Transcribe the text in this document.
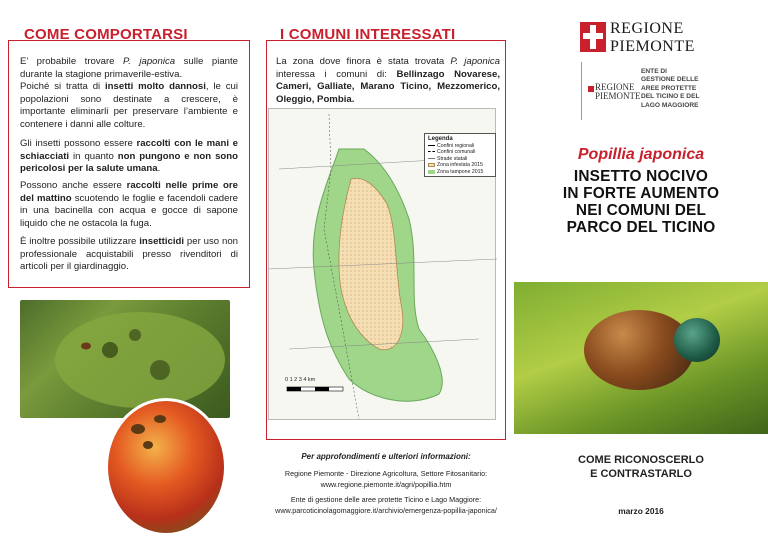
COME COMPORTARSI
E’ probabile trovare P. japonica sulle piante durante la stagione primaverile-estiva.
Poiché si tratta di insetti molto dannosi, le cui popolazioni sono destinate a crescere, è importante eliminarli per preservare l’ambiente e contenere i danni alle colture.
Gli insetti possono essere raccolti con le mani e schiacciati in quanto non pungono e non sono pericolosi per la salute umana.
Possono anche essere raccolti nelle prime ore del mattino scuotendo le foglie e facendoli cadere in una bacinella con acqua e gocce di sapone liquido che ne ostacola la fuga.
È inoltre possibile utilizzare insetticidi per uso non professionale acquistabili presso rivenditori di articoli per il giardinaggio.
I COMUNI INTERESSATI
La zona dove finora è stata trovata P. japonica interessa i comuni di: Bellinzago Novarese, Cameri, Galliate, Marano Ticino, Mezzomerico, Oleggio, Pombia.
0 1 2 3 4 km
Legenda
Confini regionali
Confini comunali
Strade statali
Zona infestata 2015
Zona tampone 2015
Per approfondimenti e ulteriori informazioni:
Regione Piemonte - Direzione Agricoltura, Settore Fitosanitario:
www.regione.piemonte.it/agri/popillia.htm
Ente di gestione delle aree protette Ticino e Lago Maggiore:
www.parcoticinolagomaggiore.it/archivio/emergenza-popillia-japonica/
REGIONE
PIEMONTE
REGIONE
PIEMONTE
ENTE DI GESTIONE DELLE AREE PROTETTE DEL TICINO E DEL LAGO MAGGIORE
Popillia japonica
INSETTO NOCIVO
IN FORTE AUMENTO
NEI COMUNI DEL
PARCO DEL TICINO
COME RICONOSCERLO
E CONTRASTARLO
marzo 2016
